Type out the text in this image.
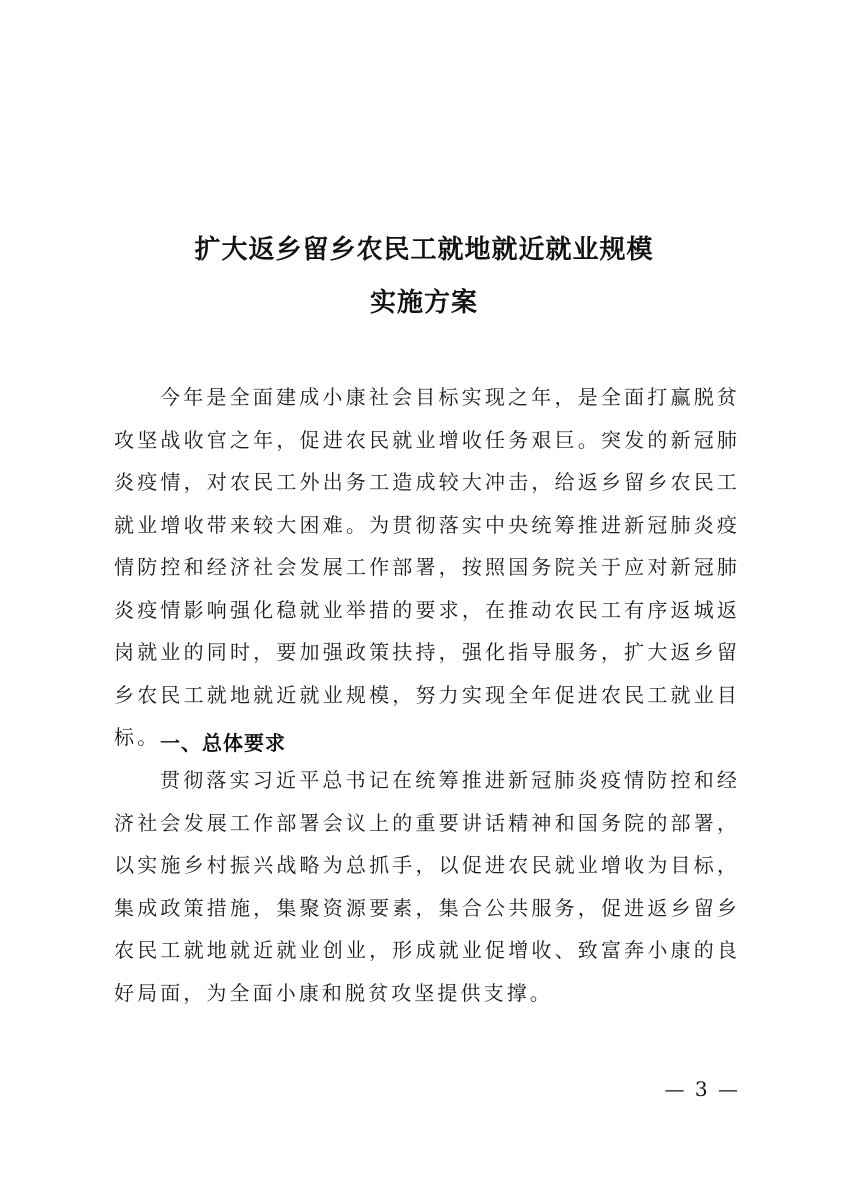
扩大返乡留乡农民工就地就近就业规模
实施方案

今年是全面建成小康社会目标实现之年，是全面打赢脱贫攻坚战收官之年，促进农民就业增收任务艰巨。突发的新冠肺炎疫情，对农民工外出务工造成较大冲击，给返乡留乡农民工就业增收带来较大困难。为贯彻落实中央统筹推进新冠肺炎疫情防控和经济社会发展工作部署，按照国务院关于应对新冠肺炎疫情影响强化稳就业举措的要求，在推动农民工有序返城返岗就业的同时，要加强政策扶持，强化指导服务，扩大返乡留乡农民工就地就近就业规模，努力实现全年促进农民工就业目标。 一、总体要求

贯彻落实习近平总书记在统筹推进新冠肺炎疫情防控和经济社会发展工作部署会议上的重要讲话精神和国务院的部署，以实施乡村振兴战略为总抓手，以促进农民就业增收为目标，集成政策措施，集聚资源要素，集合公共服务，促进返乡留乡农民工就地就近就业创业，形成就业促增收、致富奔小康的良好局面，为全面小康和脱贫攻坚提供支撑。

— 3 —
